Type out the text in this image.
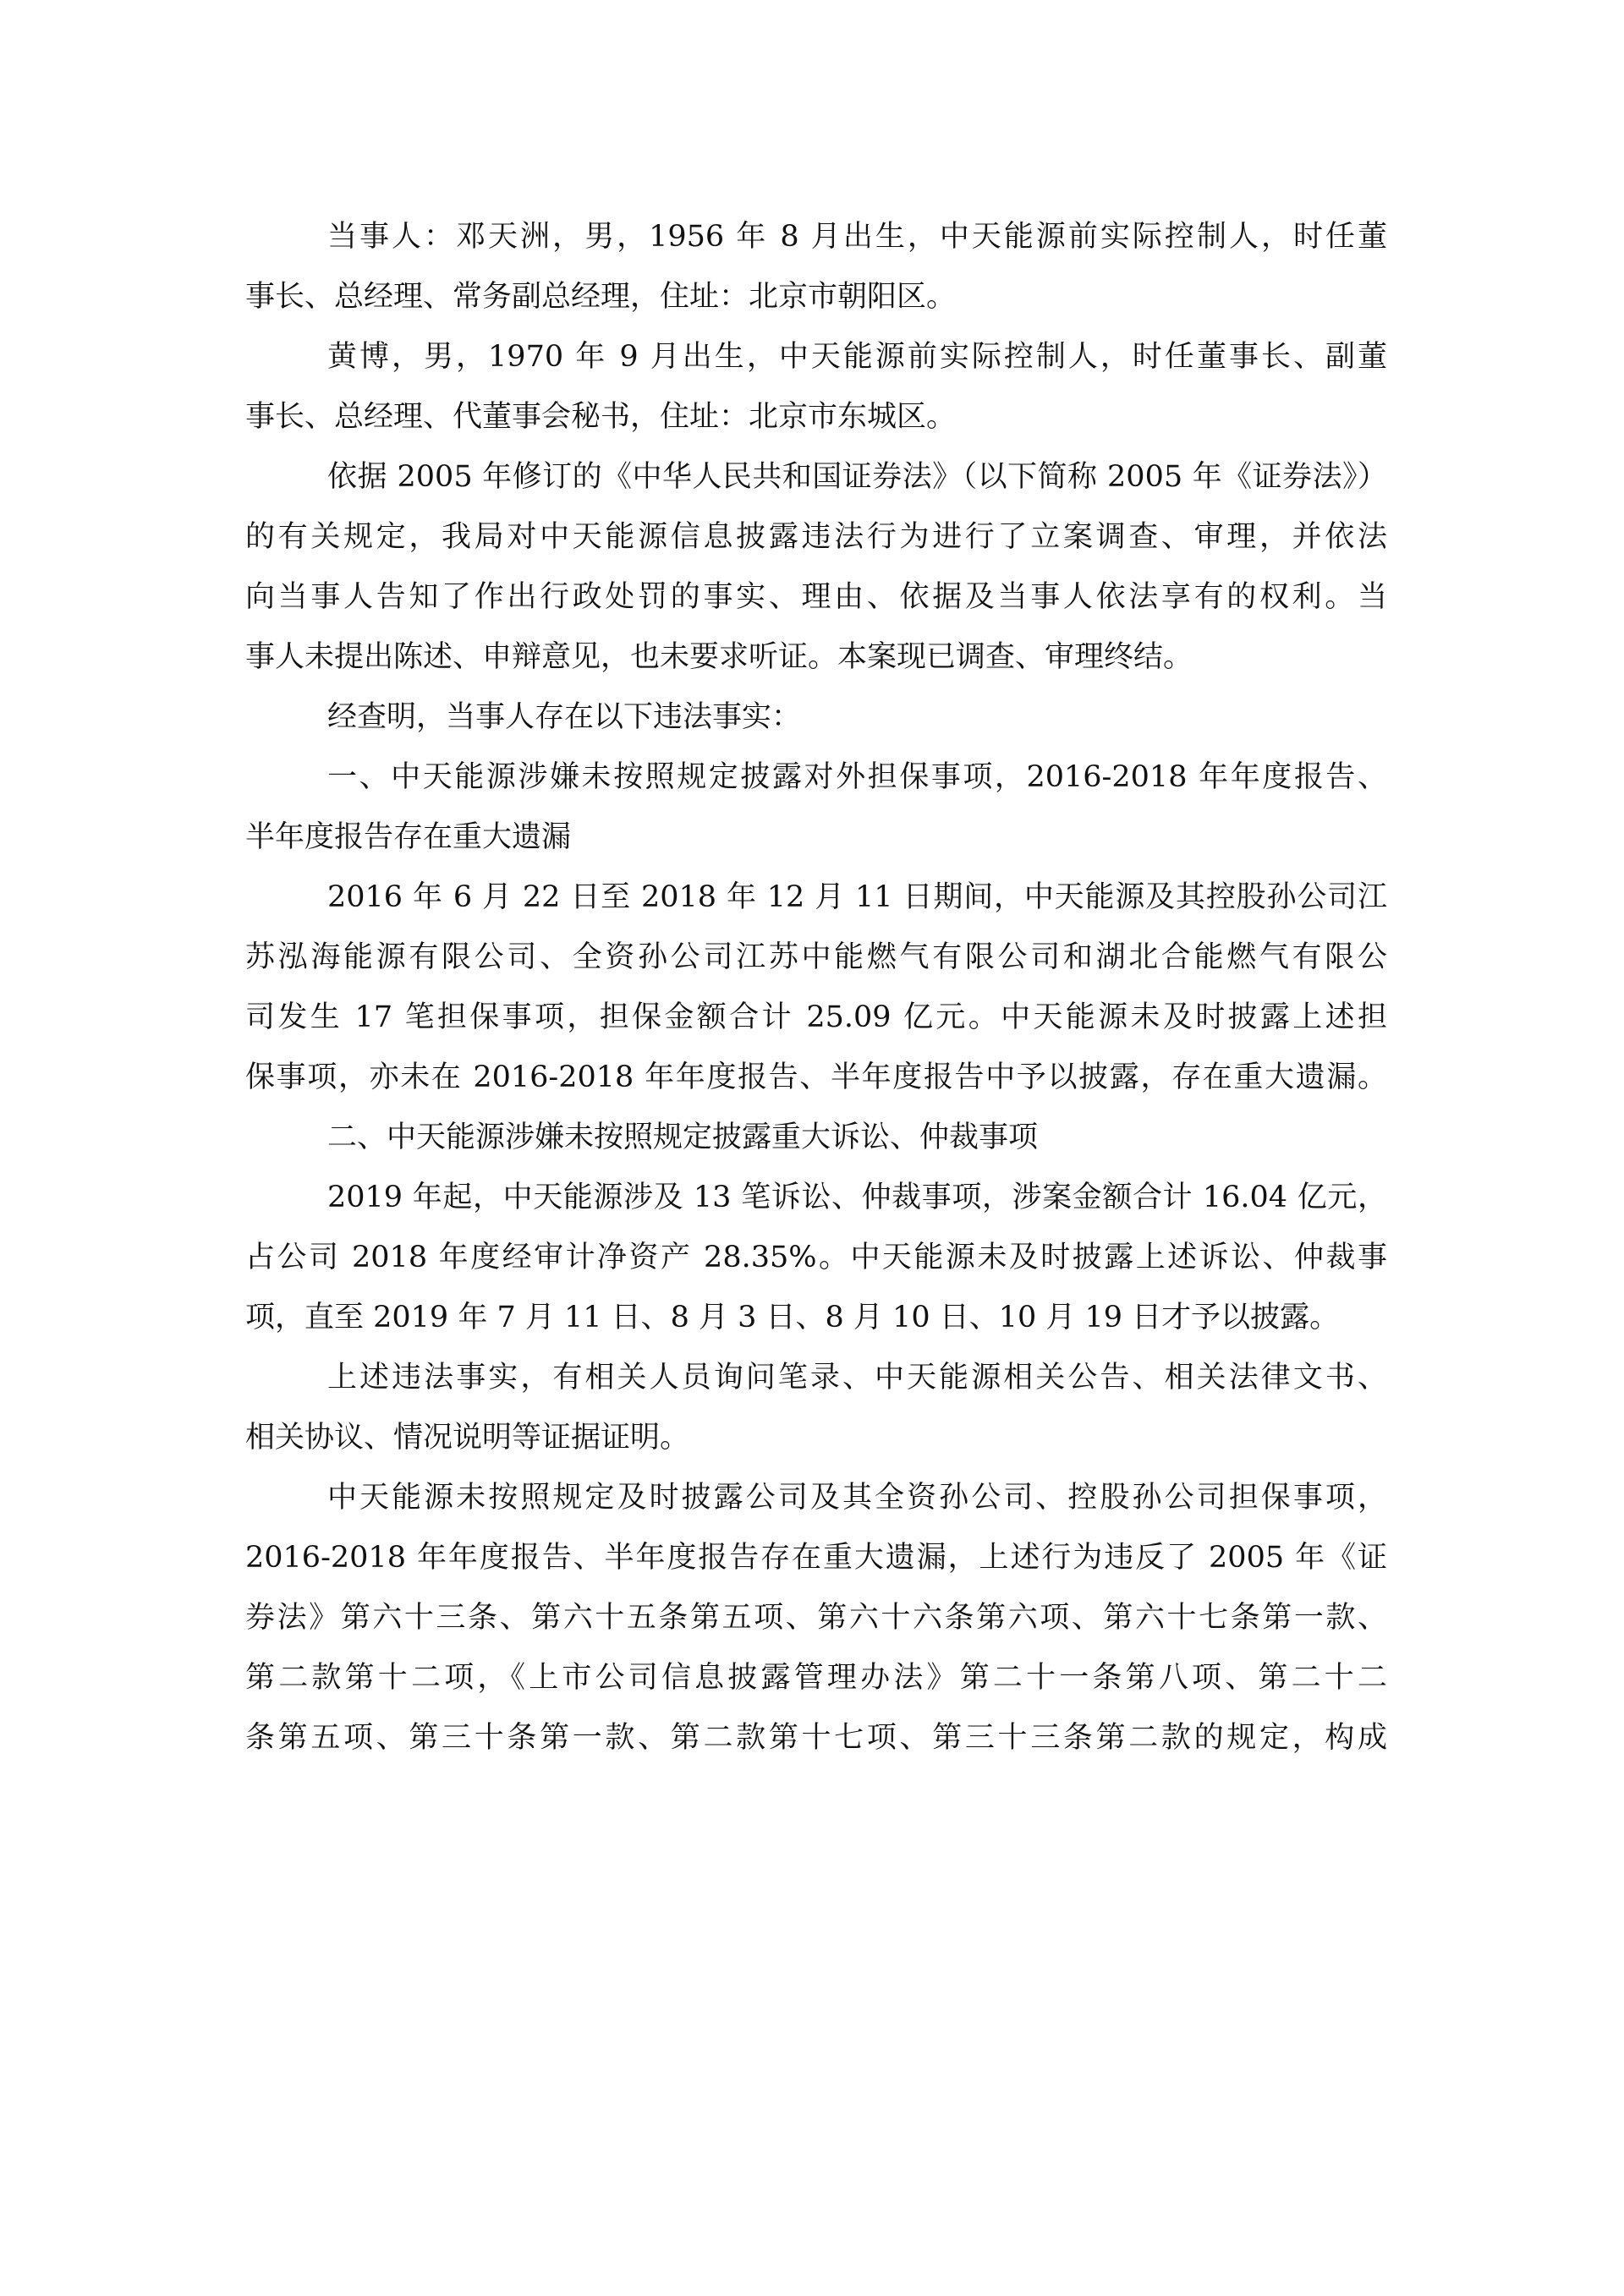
当事人：邓天洲，男，1956 年 8 月出生，中天能源前实际控制人，时任董
事长、总经理、常务副总经理，住址：北京市朝阳区。
黄博，男，1970 年 9 月出生，中天能源前实际控制人，时任董事长、副董
事长、总经理、代董事会秘书，住址：北京市东城区。
依据 2005 年修订的《中华人民共和国证券法》（以下简称 2005 年《证券法》）
的有关规定，我局对中天能源信息披露违法行为进行了立案调查、审理，并依法
向当事人告知了作出行政处罚的事实、理由、依据及当事人依法享有的权利。当
事人未提出陈述、申辩意见，也未要求听证。本案现已调查、审理终结。
经查明，当事人存在以下违法事实：
一、中天能源涉嫌未按照规定披露对外担保事项，2016-2018 年年度报告、
半年度报告存在重大遗漏
2016 年 6 月 22 日至 2018 年 12 月 11 日期间，中天能源及其控股孙公司江
苏泓海能源有限公司、全资孙公司江苏中能燃气有限公司和湖北合能燃气有限公
司发生 17 笔担保事项，担保金额合计 25.09 亿元。中天能源未及时披露上述担
保事项，亦未在 2016-2018 年年度报告、半年度报告中予以披露，存在重大遗漏。
二、中天能源涉嫌未按照规定披露重大诉讼、仲裁事项
2019 年起，中天能源涉及 13 笔诉讼、仲裁事项，涉案金额合计 16.04 亿元，
占公司 2018 年度经审计净资产 28.35%。中天能源未及时披露上述诉讼、仲裁事
项，直至 2019 年 7 月 11 日、8 月 3 日、8 月 10 日、10 月 19 日才予以披露。
上述违法事实，有相关人员询问笔录、中天能源相关公告、相关法律文书、
相关协议、情况说明等证据证明。
中天能源未按照规定及时披露公司及其全资孙公司、控股孙公司担保事项，
2016-2018 年年度报告、半年度报告存在重大遗漏，上述行为违反了 2005 年《证
券法》第六十三条、第六十五条第五项、第六十六条第六项、第六十七条第一款、
第二款第十二项，《上市公司信息披露管理办法》第二十一条第八项、第二十二
条第五项、第三十条第一款、第二款第十七项、第三十三条第二款的规定，构成
